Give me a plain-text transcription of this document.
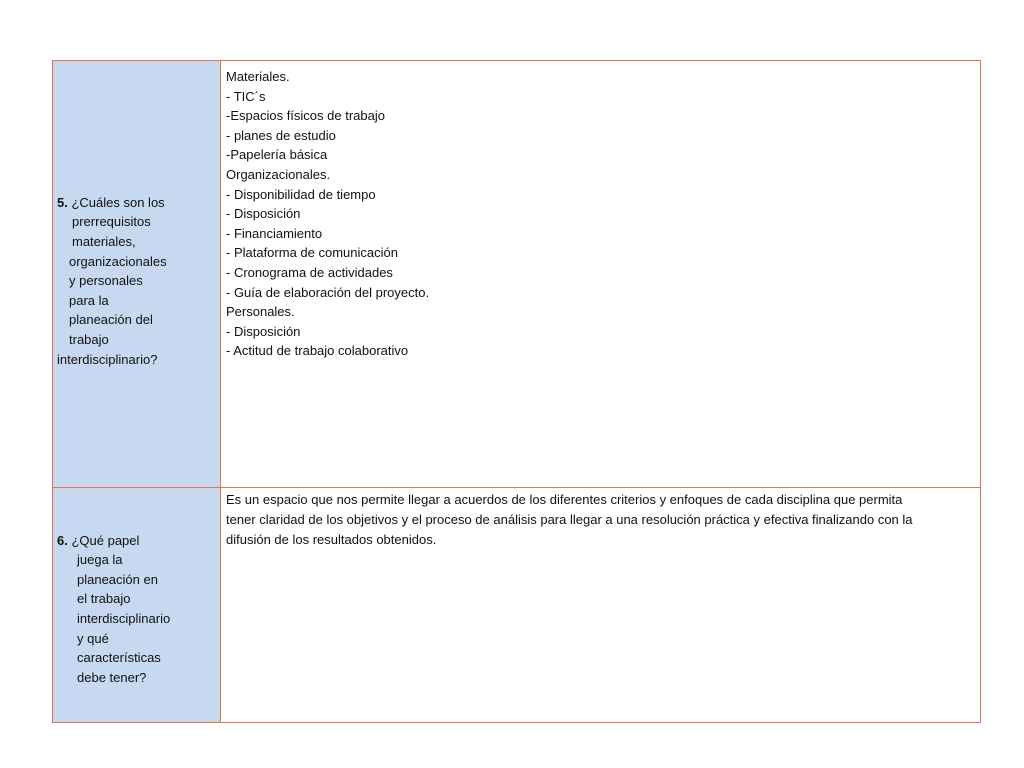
5. ¿Cuáles son los
prerrequisitos
materiales,
organizacionales
y personales
para la
planeación del
trabajo
interdisciplinario?
Materiales.
- TIC´s
-Espacios físicos de trabajo
- planes de estudio
-Papelería básica
Organizacionales.
- Disponibilidad de tiempo
- Disposición
- Financiamiento
- Plataforma de comunicación
- Cronograma de actividades
- Guía de elaboración del proyecto.
Personales.
- Disposición
- Actitud de trabajo colaborativo
6. ¿Qué papel
juega la
planeación en
el trabajo
interdisciplinario
y qué
características
debe tener?
Es un espacio que nos permite llegar a acuerdos de los diferentes criterios y enfoques de cada disciplina que permita
tener claridad de los objetivos y el proceso de análisis para llegar a una resolución práctica y efectiva finalizando con la
difusión de los resultados obtenidos.
